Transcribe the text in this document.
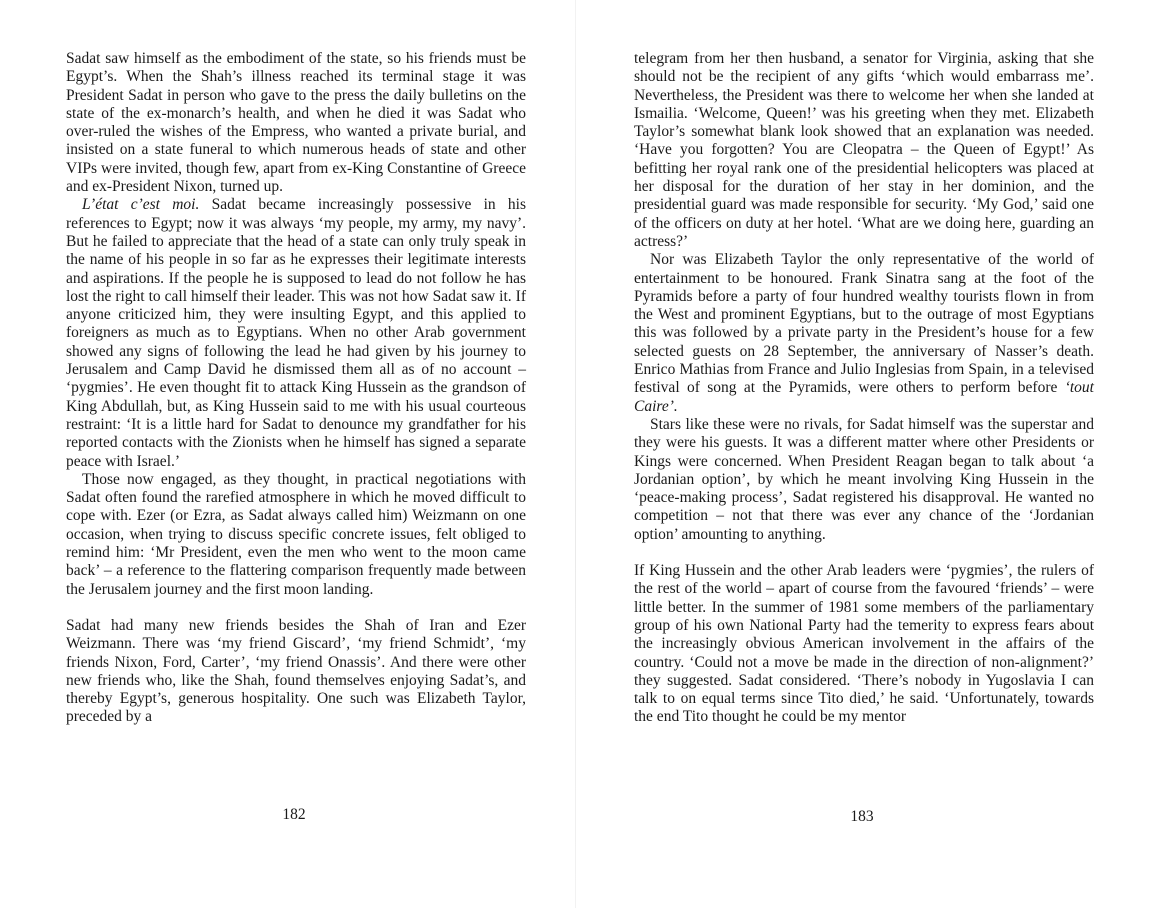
Sadat saw himself as the embodiment of the state, so his friends must be Egypt’s. When the Shah’s illness reached its terminal stage it was President Sadat in person who gave to the press the daily bulletins on the state of the ex-monarch’s health, and when he died it was Sadat who over-ruled the wishes of the Empress, who wanted a private burial, and insisted on a state funeral to which numerous heads of state and other VIPs were invited, though few, apart from ex-King Constantine of Greece and ex-President Nixon, turned up.

L’état c’est moi. Sadat became increasingly possessive in his references to Egypt; now it was always ‘my people, my army, my navy’. But he failed to appreciate that the head of a state can only truly speak in the name of his people in so far as he expresses their legitimate interests and aspirations. If the people he is supposed to lead do not follow he has lost the right to call himself their leader. This was not how Sadat saw it. If anyone criticized him, they were insulting Egypt, and this applied to foreigners as much as to Egyptians. When no other Arab government showed any signs of following the lead he had given by his journey to Jerusalem and Camp David he dismissed them all as of no account – ‘pygmies’. He even thought fit to attack King Hussein as the grandson of King Abdullah, but, as King Hussein said to me with his usual courteous restraint: ‘It is a little hard for Sadat to denounce my grandfather for his reported contacts with the Zionists when he himself has signed a separate peace with Israel.’

Those now engaged, as they thought, in practical negotiations with Sadat often found the rarefied atmosphere in which he moved difficult to cope with. Ezer (or Ezra, as Sadat always called him) Weizmann on one occasion, when trying to discuss specific concrete issues, felt obliged to remind him: ‘Mr President, even the men who went to the moon came back’ – a reference to the flattering comparison frequently made between the Jerusalem journey and the first moon landing.

Sadat had many new friends besides the Shah of Iran and Ezer Weizmann. There was ‘my friend Giscard’, ‘my friend Schmidt’, ‘my friends Nixon, Ford, Carter’, ‘my friend Onassis’. And there were other new friends who, like the Shah, found themselves enjoying Sadat’s, and thereby Egypt’s, generous hospitality. One such was Elizabeth Taylor, preceded by a

182

telegram from her then husband, a senator for Virginia, asking that she should not be the recipient of any gifts ‘which would embarrass me’. Nevertheless, the President was there to welcome her when she landed at Ismailia. ‘Welcome, Queen!’ was his greeting when they met. Elizabeth Taylor’s somewhat blank look showed that an explanation was needed. ‘Have you forgotten? You are Cleopatra – the Queen of Egypt!’ As befitting her royal rank one of the presidential helicopters was placed at her disposal for the duration of her stay in her dominion, and the presidential guard was made responsible for security. ‘My God,’ said one of the officers on duty at her hotel. ‘What are we doing here, guarding an actress?’

Nor was Elizabeth Taylor the only representative of the world of entertainment to be honoured. Frank Sinatra sang at the foot of the Pyramids before a party of four hundred wealthy tourists flown in from the West and prominent Egyptians, but to the outrage of most Egyptians this was followed by a private party in the President’s house for a few selected guests on 28 September, the anniversary of Nasser’s death. Enrico Mathias from France and Julio Inglesias from Spain, in a televised festival of song at the Pyramids, were others to perform before ‘tout Caire’.

Stars like these were no rivals, for Sadat himself was the superstar and they were his guests. It was a different matter where other Presidents or Kings were concerned. When President Reagan began to talk about ‘a Jordanian option’, by which he meant involving King Hussein in the ‘peace-making process’, Sadat registered his disapproval. He wanted no competition – not that there was ever any chance of the ‘Jordanian option’ amounting to anything.

If King Hussein and the other Arab leaders were ‘pygmies’, the rulers of the rest of the world – apart of course from the favoured ‘friends’ – were little better. In the summer of 1981 some members of the parliamentary group of his own National Party had the temerity to express fears about the increasingly obvious American involvement in the affairs of the country. ‘Could not a move be made in the direction of non-alignment?’ they suggested. Sadat considered. ‘There’s nobody in Yugoslavia I can talk to on equal terms since Tito died,’ he said. ‘Unfortunately, towards the end Tito thought he could be my mentor

183
